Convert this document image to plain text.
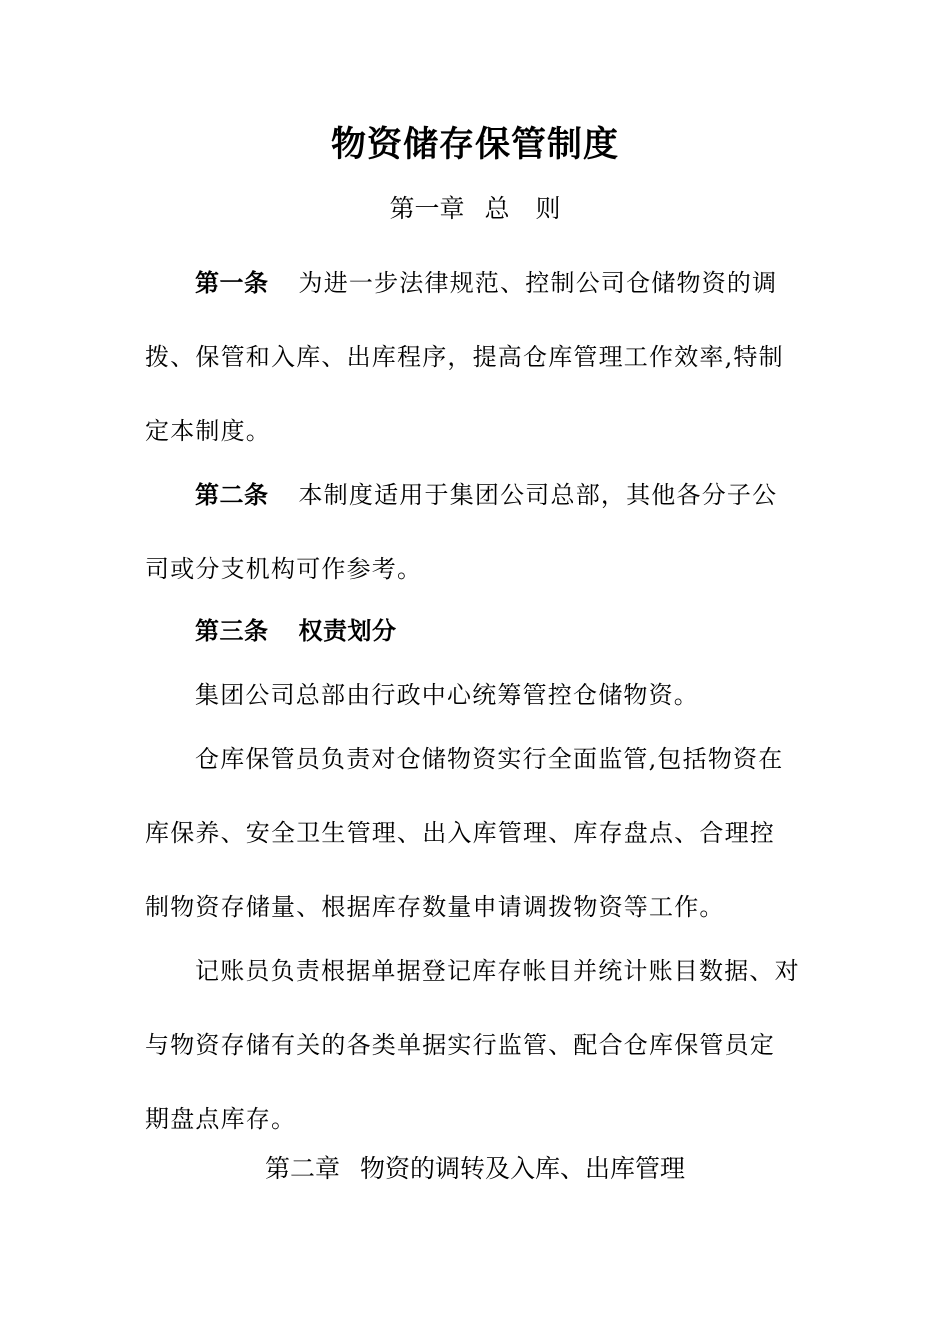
物资储存保管制度
第一章 总 则
第一条 为进一步法律规范、控制公司仓储物资的调
拨、保管和入库、出库程序，提高仓库管理工作效率,特制
定本制度。
第二条 本制度适用于集团公司总部，其他各分子公
司或分支机构可作参考。
第三条 权责划分
集团公司总部由行政中心统筹管控仓储物资。
仓库保管员负责对仓储物资实行全面监管,包括物资在
库保养、安全卫生管理、出入库管理、库存盘点、合理控
制物资存储量、根据库存数量申请调拨物资等工作。
记账员负责根据单据登记库存帐目并统计账目数据、对
与物资存储有关的各类单据实行监管、配合仓库保管员定
期盘点库存。
第二章 物资的调转及入库、出库管理
